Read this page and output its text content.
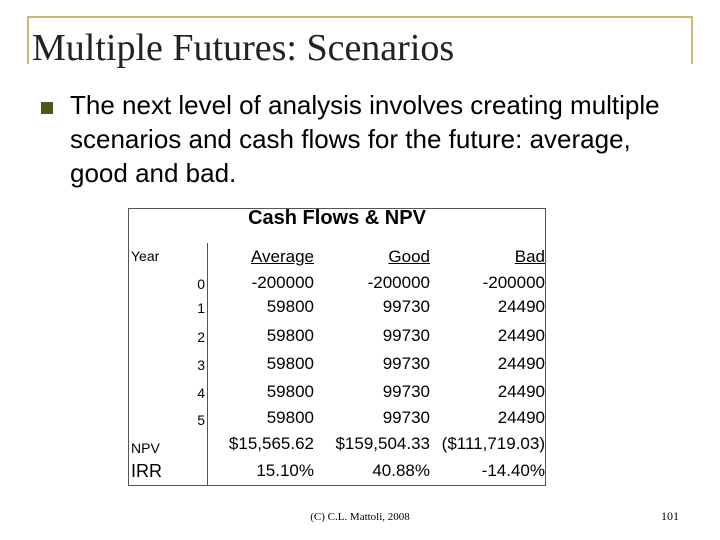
Multiple Futures: Scenarios
The next level of analysis involves creating multiple scenarios and cash flows for the future: average, good and bad.
Cash Flows & NPV
Year	Average	Good	Bad
0	-200000	-200000	-200000
1	59800	99730	24490
2	59800	99730	24490
3	59800	99730	24490
4	59800	99730	24490
5	59800	99730	24490
NPV	$15,565.62 $159,504.33 ($111,719.03)
IRR	15.10%	40.88%	-14.40%
(C) C.L. Mattoli, 2008	101
